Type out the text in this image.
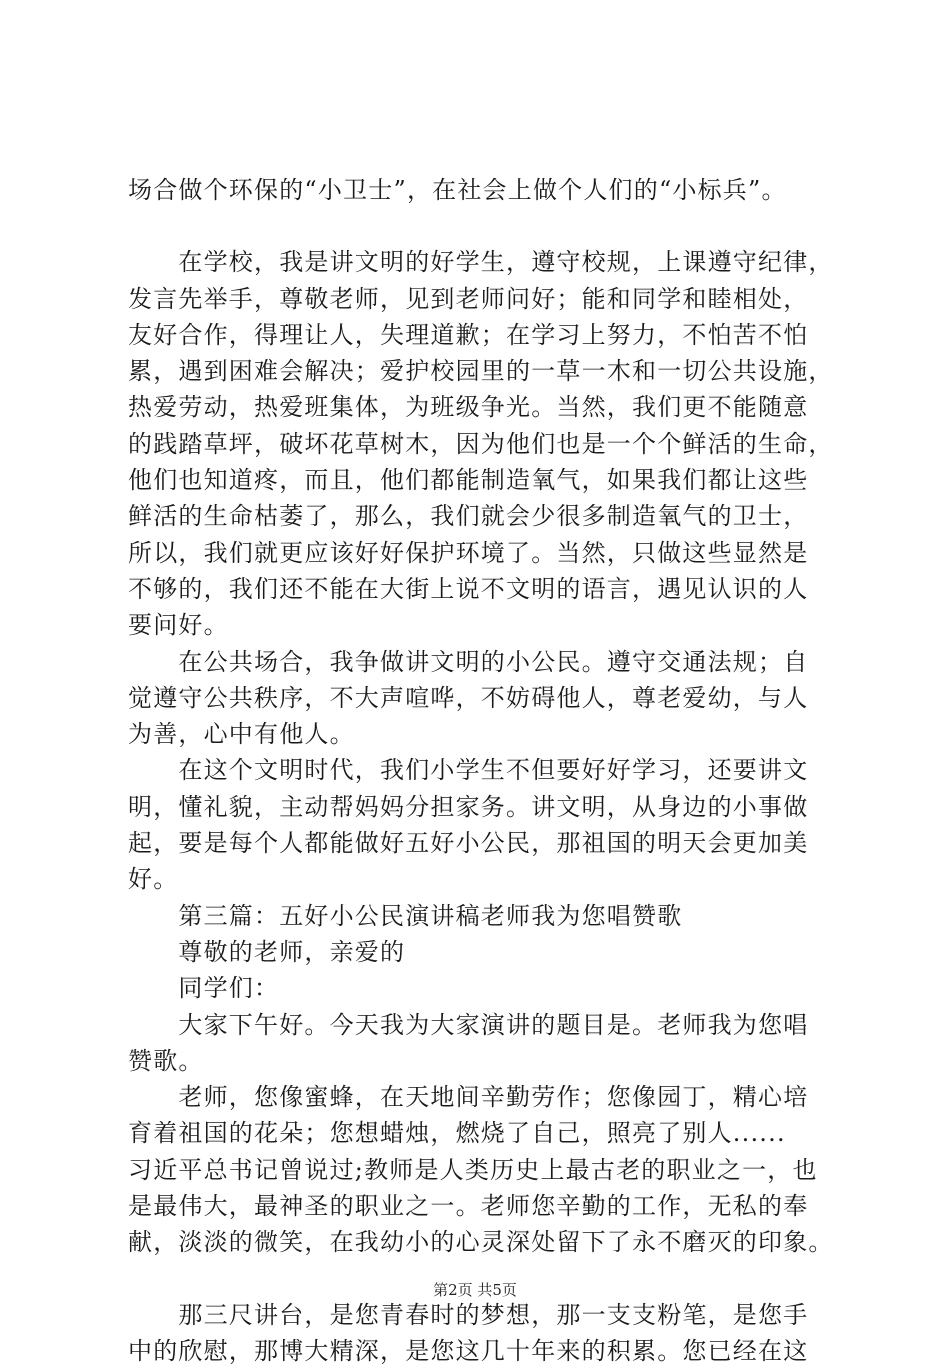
场合做个环保的“小卫士”，在社会上做个人们的“小标兵”。
　　在学校，我是讲文明的好学生，遵守校规，上课遵守纪律，
发言先举手，尊敬老师，见到老师问好；能和同学和睦相处，
友好合作，得理让人，失理道歉；在学习上努力，不怕苦不怕
累，遇到困难会解决；爱护校园里的一草一木和一切公共设施，
热爱劳动，热爱班集体，为班级争光。当然，我们更不能随意
的践踏草坪，破坏花草树木，因为他们也是一个个鲜活的生命，
他们也知道疼，而且，他们都能制造氧气，如果我们都让这些
鲜活的生命枯萎了，那么，我们就会少很多制造氧气的卫士，
所以，我们就更应该好好保护环境了。当然，只做这些显然是
不够的，我们还不能在大街上说不文明的语言，遇见认识的人
要问好。
　　在公共场合，我争做讲文明的小公民。遵守交通法规；自
觉遵守公共秩序，不大声喧哗，不妨碍他人，尊老爱幼，与人
为善，心中有他人。
　　在这个文明时代，我们小学生不但要好好学习，还要讲文
明，懂礼貌，主动帮妈妈分担家务。讲文明，从身边的小事做
起，要是每个人都能做好五好小公民，那祖国的明天会更加美
好。
　　第三篇：五好小公民演讲稿老师我为您唱赞歌
　　尊敬的老师，亲爱的
　　同学们：
　　大家下午好。今天我为大家演讲的题目是。老师我为您唱
赞歌。
　　老师，您像蜜蜂，在天地间辛勤劳作；您像园丁，精心培
育着祖国的花朵；您想蜡烛，燃烧了自己，照亮了别人......
习近平总书记曾说过;教师是人类历史上最古老的职业之一，也
是最伟大，最神圣的职业之一。老师您辛勤的工作，无私的奉
献，淡淡的微笑，在我幼小的心灵深处留下了永不磨灭的印象。
　　那三尺讲台，是您青春时的梦想，那一支支粉笔，是您手
中的欣慰，那博大精深，是您这几十年来的积累。您已经在这
第2页 共5页
